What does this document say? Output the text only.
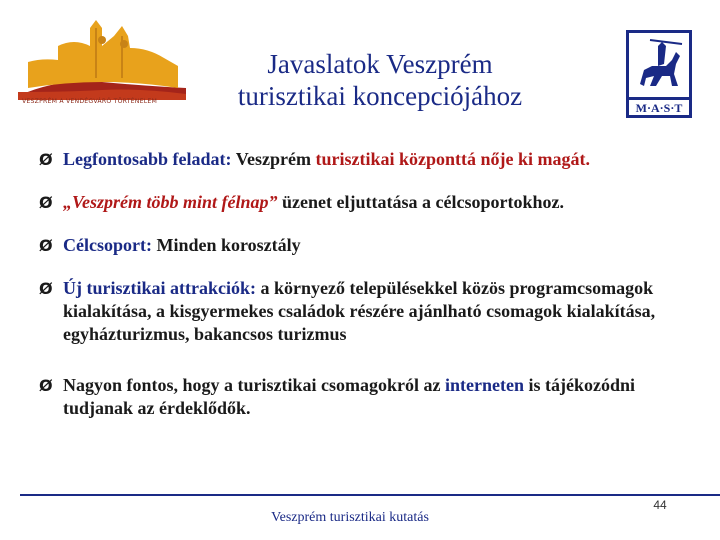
VESZPRÉM A VENDÉGVÁRÓ TÖRTÉNELEM
Javaslatok Veszprém
turisztikai koncepciójához	M·A·S·T
Ø Legfontosabb feladat: Veszprém turisztikai központtá nője ki magát.
Ø „Veszprém több mint félnap” üzenet eljuttatása a célcsoportokhoz.
Ø Célcsoport: Minden korosztály
Ø Új turisztikai attrakciók: a környező településekkel közös programcsomagok kialakítása, a kisgyermekes családok részére ajánlható csomagok kialakítása, egyházturizmus, bakancsos turizmus
Ø Nagyon fontos, hogy a turisztikai csomagokról az interneten is tájékozódni tudjanak az érdeklődők.
44
Veszprém turisztikai kutatás
